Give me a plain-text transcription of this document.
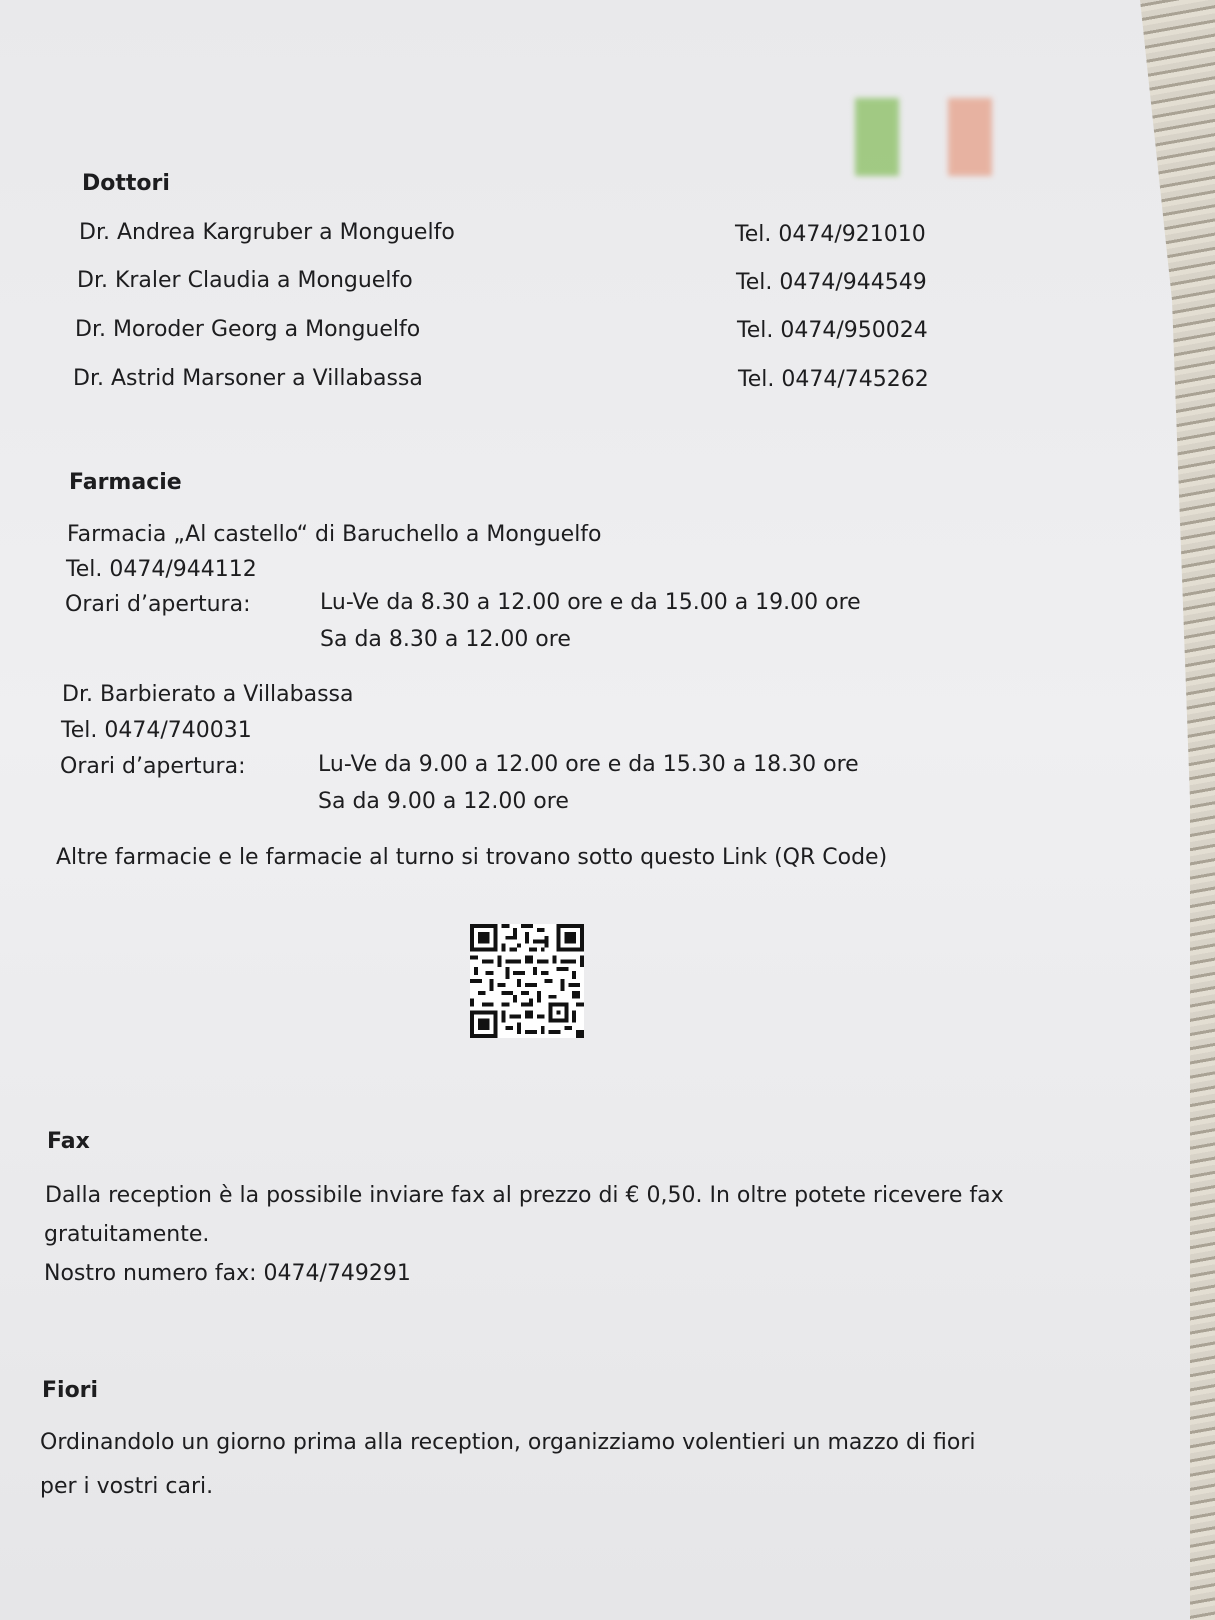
Dottori
Dr. Andrea Kargruber a Monguelfo	Tel. 0474/921010
Dr. Kraler Claudia a Monguelfo	Tel. 0474/944549
Dr. Moroder Georg a Monguelfo	Tel. 0474/950024
Dr. Astrid Marsoner a Villabassa	Tel. 0474/745262
Farmacie
Farmacia „Al castello“ di Baruchello a Monguelfo
Tel. 0474/944112
Orari d’apertura:	Lu-Ve da 8.30 a 12.00 ore e da 15.00 a 19.00 ore
Sa da 8.30 a 12.00 ore
Dr. Barbierato a Villabassa
Tel. 0474/740031
Orari d’apertura:	Lu-Ve da 9.00 a 12.00 ore e da 15.30 a 18.30 ore
Sa da 9.00 a 12.00 ore
Altre farmacie e le farmacie al turno si trovano sotto questo Link (QR Code)
Fax
Dalla reception è la possibile inviare fax al prezzo di € 0,50. In oltre potete ricevere fax
gratuitamente.
Nostro numero fax: 0474/749291
Fiori
Ordinandolo un giorno prima alla reception, organizziamo volentieri un mazzo di fiori
per i vostri cari.
